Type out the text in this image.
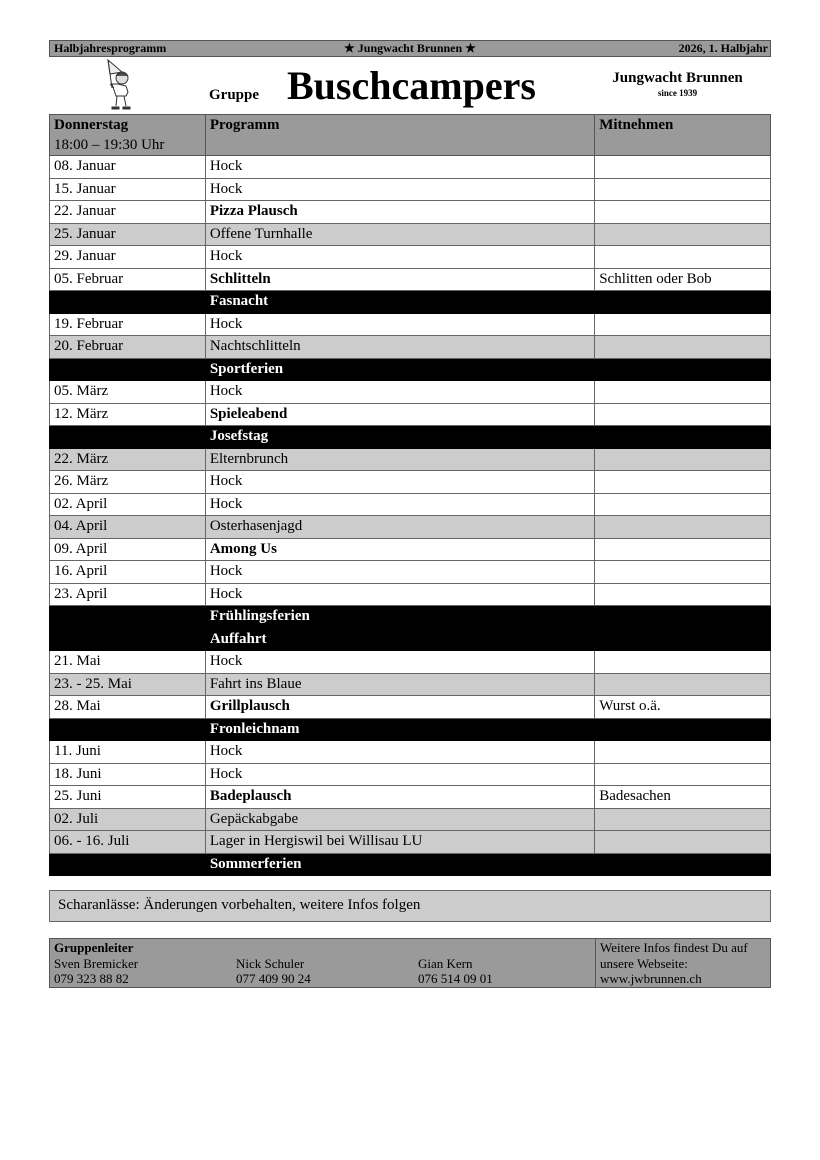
Halbjahresprogramm	★ Jungwacht Brunnen ★	2026, 1. Halbjahr
Gruppe Buschcampers	Jungwacht Brunnen
since 1939
Donnerstag
18:00 – 19:30 Uhr	Programm	Mitnehmen
08. Januar	Hock	
15. Januar	Hock	
22. Januar	Pizza Plausch	
25. Januar	Offene Turnhalle	
29. Januar	Hock	
05. Februar	Schlitteln	Schlitten oder Bob
	Fasnacht	
19. Februar	Hock	
20. Februar	Nachtschlitteln	
	Sportferien	
05. März	Hock	
12. März	Spieleabend	
	Josefstag	
22. März	Elternbrunch	
26. März	Hock	
02. April	Hock	
04. April	Osterhasenjagd	
09. April	Among Us	
16. April	Hock	
23. April	Hock	
	Frühlingsferien	
	Auffahrt	
21. Mai	Hock	
23. - 25. Mai	Fahrt ins Blaue	
28. Mai	Grillplausch	Wurst o.ä.
	Fronleichnam	
11. Juni	Hock	
18. Juni	Hock	
25. Juni	Badeplausch	Badesachen
02. Juli	Gepäckabgabe	
06. - 16. Juli	Lager in Hergiswil bei Willisau LU	
	Sommerferien	
Scharanlässe: Änderungen vorbehalten, weitere Infos folgen
Gruppenleiter
Sven Bremicker
079 323 88 82

Nick Schuler
077 409 90 24

Gian Kern
076 514 09 01
Weitere Infos findest Du auf
unsere Webseite:
www.jwbrunnen.ch
